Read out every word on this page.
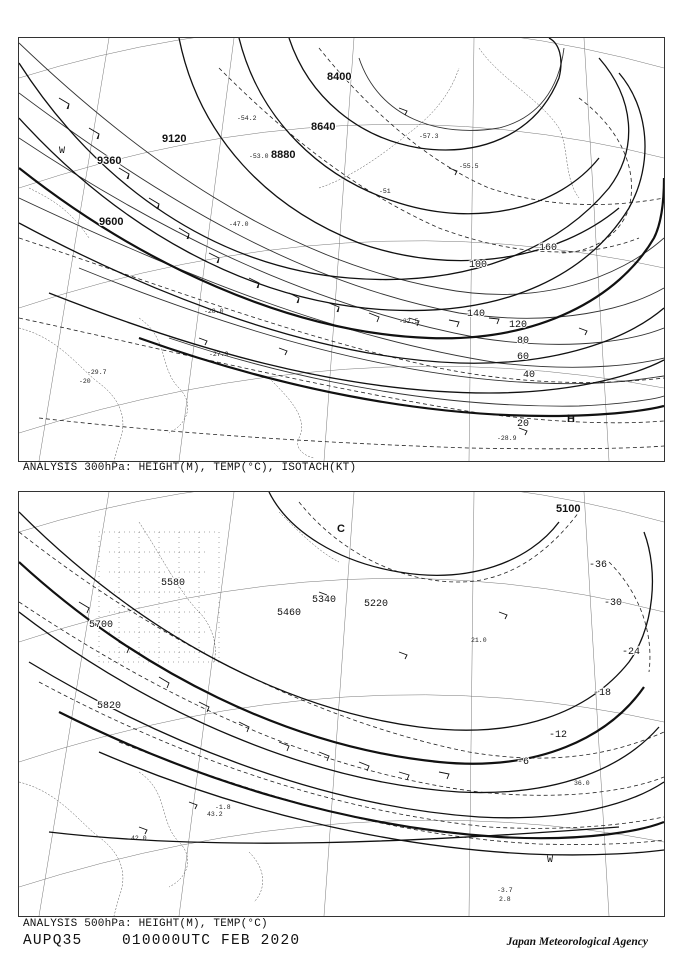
8400
8640
8880
9120
9360
9600
20
40
60
80
120
100
140
160
-20
-28.9
-29.7
-27.9
-28.0
-32.5
-47.0
-51
-53.0
-54.2
-57.3
-55.5
H
W
ANALYSIS 300hPa: HEIGHT(M), TEMP(°C), ISOTACH(KT)
5100
5220
5340
5460
5580
5700
5820
-36
-30
-24
-18
-12
-6
-1.8
-3.7
43.2
42.0
36.0
21.0
2.8
C
W
ANALYSIS 500hPa: HEIGHT(M), TEMP(°C)
AUPQ35	010000UTC FEB 2020	Japan Meteorological Agency
